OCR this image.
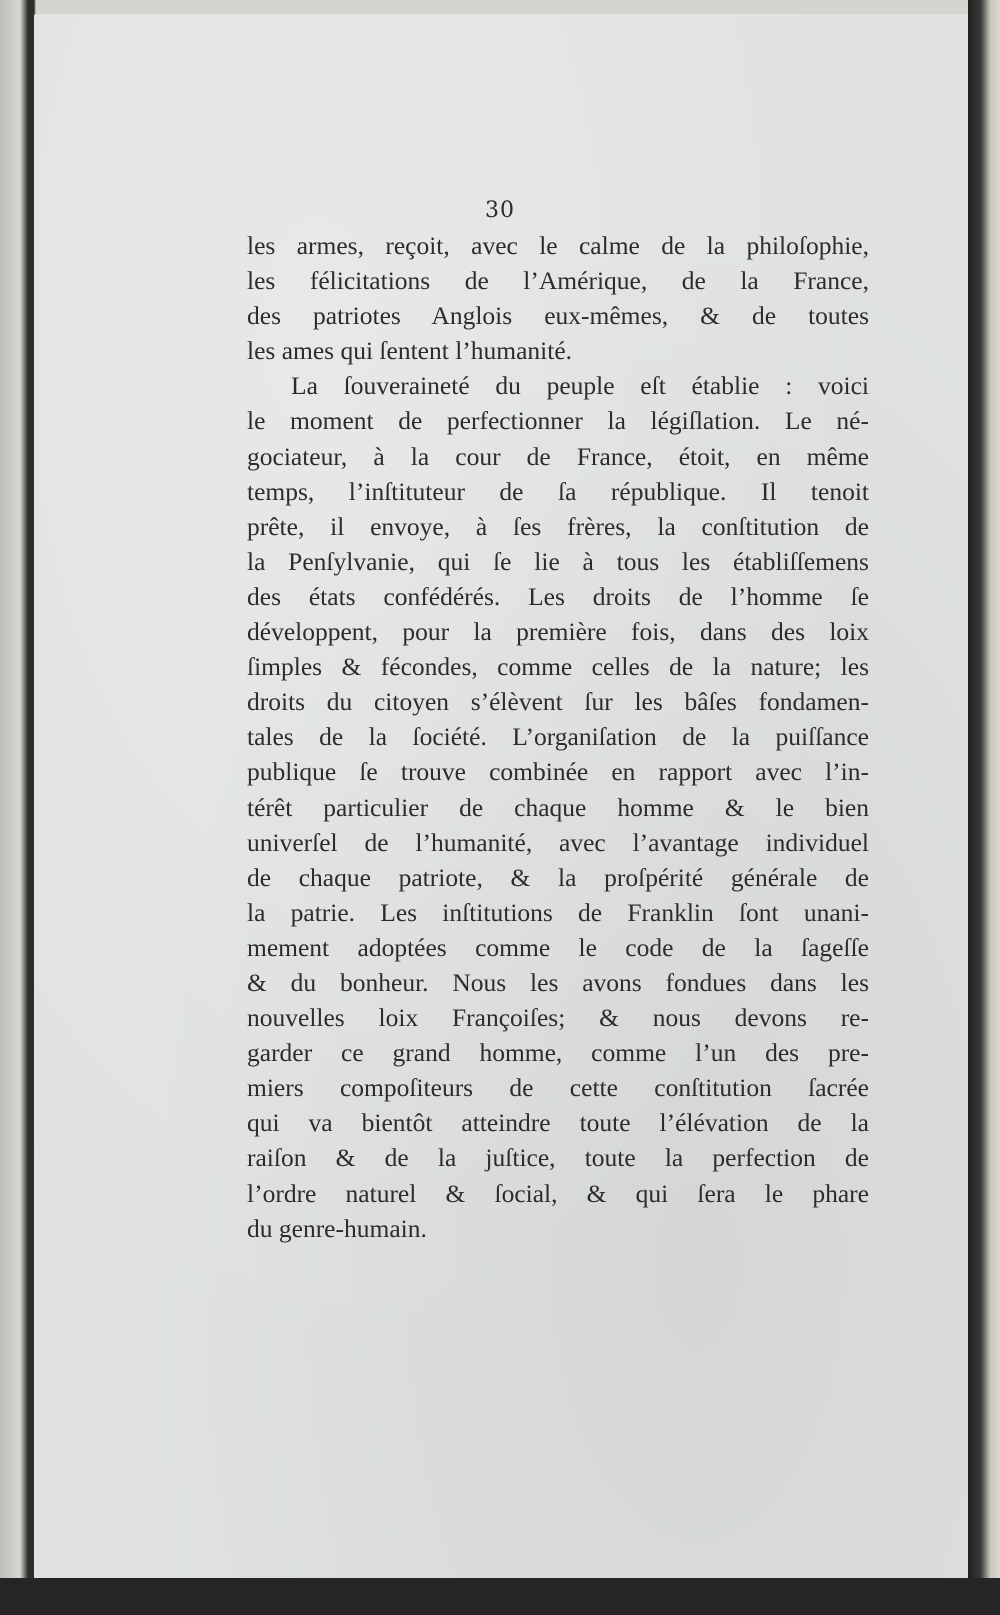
30
les armes, reçoit, avec le calme de la philoſophie,
les félicitations de l’Amérique, de la France,
des patriotes Anglois eux-mêmes, & de toutes
les ames qui ſentent l’humanité.
La ſouveraineté du peuple eſt établie : voici
le moment de perfectionner la légiſlation. Le né-
gociateur, à la cour de France, étoit, en même
temps, l’inſtituteur de ſa république. Il tenoit
prête, il envoye, à ſes frères, la conſtitution de
la Penſylvanie, qui ſe lie à tous les établiſſemens
des états confédérés. Les droits de l’homme ſe
développent, pour la première fois, dans des loix
ſimples & fécondes, comme celles de la nature; les
droits du citoyen s’élèvent ſur les bâſes fondamen-
tales de la ſociété. L’organiſation de la puiſſance
publique ſe trouve combinée en rapport avec l’in-
térêt particulier de chaque homme & le bien
univerſel de l’humanité, avec l’avantage individuel
de chaque patriote, & la proſpérité générale de
la patrie. Les inſtitutions de Franklin ſont unani-
mement adoptées comme le code de la ſageſſe
& du bonheur. Nous les avons fondues dans les
nouvelles loix Françoiſes; & nous devons re-
garder ce grand homme, comme l’un des pre-
miers compoſiteurs de cette conſtitution ſacrée
qui va bientôt atteindre toute l’élévation de la
raiſon & de la juſtice, toute la perfection de
l’ordre naturel & ſocial, & qui ſera le phare
du genre-humain.
